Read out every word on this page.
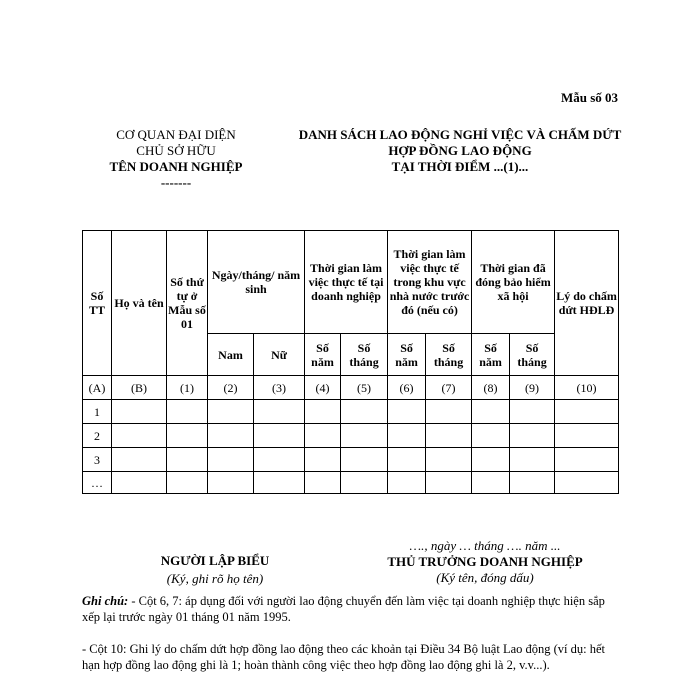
Mẫu số 03
CƠ QUAN ĐẠI DIỆN
CHỦ SỞ HỮU
TÊN DOANH NGHIỆP
-------
DANH SÁCH LAO ĐỘNG NGHỈ VIỆC VÀ CHẤM DỨT
HỢP ĐỒNG LAO ĐỘNG
TẠI THỜI ĐIỂM ...(1)...
Số TT	Họ và tên	Số thứ tự ở Mẫu số 01	Ngày/tháng/ năm sinh		Thời gian làm việc thực tế tại doanh nghiệp		Thời gian làm việc thực tế trong khu vực nhà nước trước đó (nếu có)		Thời gian đã đóng bảo hiểm xã hội		Lý do chấm dứt HĐLĐ
			Nam	Nữ	Số năm	Số tháng	Số năm	Số tháng	Số năm	Số tháng	
(A)	(B)	(1)	(2)	(3)	(4)	(5)	(6)	(7)	(8)	(9)	(10)
1											
2											
3											
…											
NGƯỜI LẬP BIỂU
(Ký, ghi rõ họ tên)
…., ngày … tháng …. năm ...
THỦ TRƯỞNG DOANH NGHIỆP
(Ký tên, đóng dấu)

Ghi chú: - Cột 6, 7: áp dụng đối với người lao động chuyển đến làm việc tại doanh nghiệp thực hiện sắp xếp lại trước ngày 01 tháng 01 năm 1995.

- Cột 10: Ghi lý do chấm dứt hợp đồng lao động theo các khoản tại Điều 34 Bộ luật Lao động (ví dụ: hết hạn hợp đồng lao động ghi là 1; hoàn thành công việc theo hợp đồng lao động ghi là 2, v.v...).
